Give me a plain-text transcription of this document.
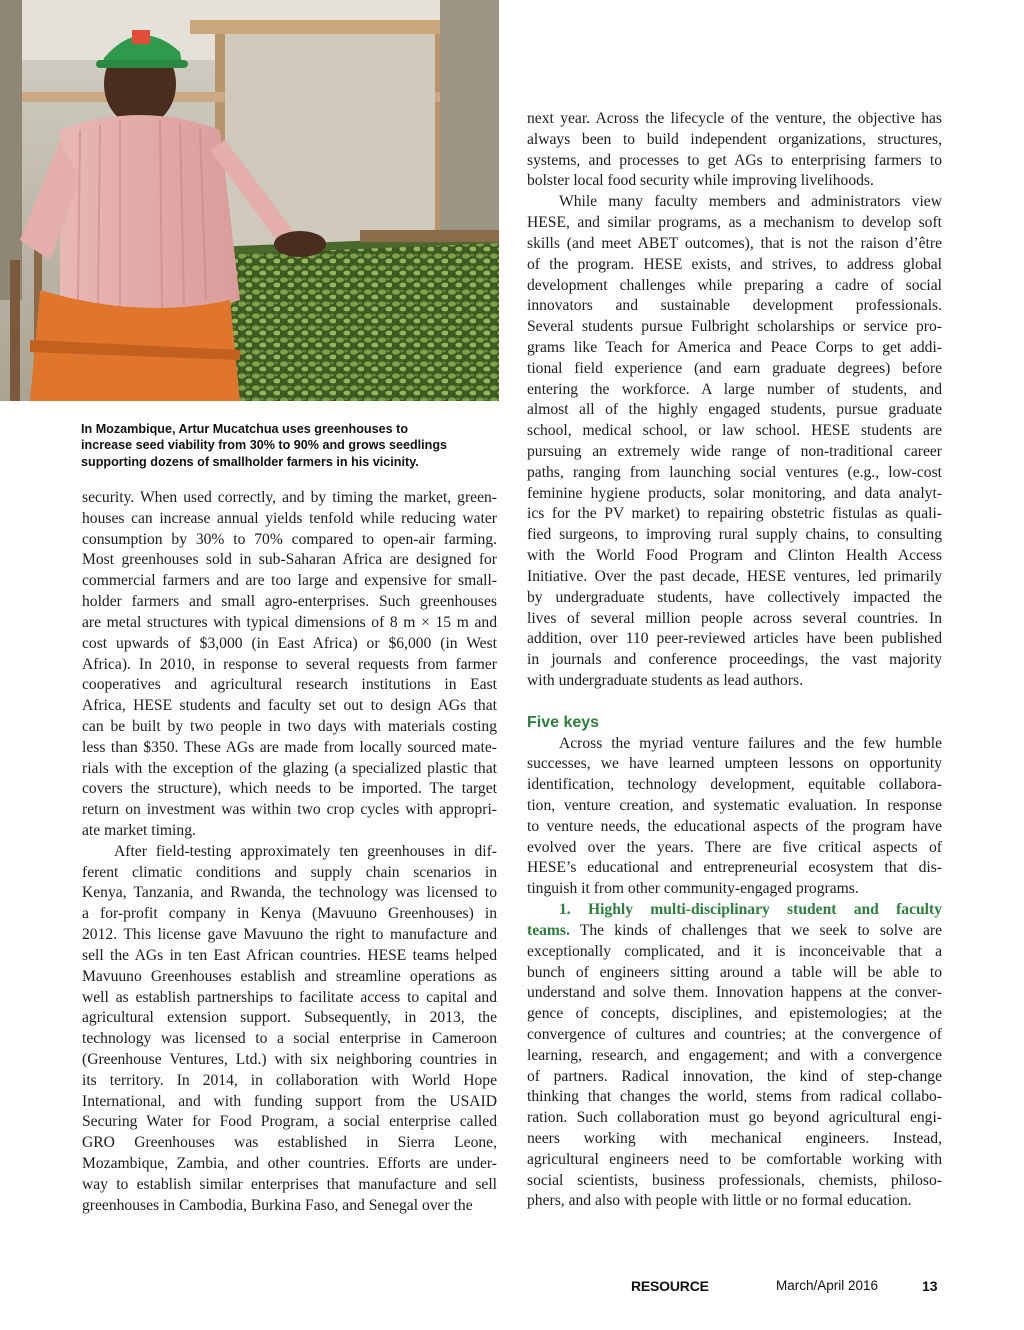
In Mozambique, Artur Mucatchua uses greenhouses to
increase seed viability from 30% to 90% and grows seedlings
supporting dozens of smallholder farmers in his vicinity.
security. When used correctly, and by timing the market, green-
houses can increase annual yields tenfold while reducing water
consumption by 30% to 70% compared to open-air farming.
Most greenhouses sold in sub-Saharan Africa are designed for
commercial farmers and are too large and expensive for small-
holder farmers and small agro-enterprises. Such greenhouses
are metal structures with typical dimensions of 8 m × 15 m and
cost upwards of $3,000 (in East Africa) or $6,000 (in West
Africa). In 2010, in response to several requests from farmer
cooperatives and agricultural research institutions in East
Africa, HESE students and faculty set out to design AGs that
can be built by two people in two days with materials costing
less than $350. These AGs are made from locally sourced mate-
rials with the exception of the glazing (a specialized plastic that
covers the structure), which needs to be imported. The target
return on investment was within two crop cycles with appropri-
ate market timing.
After field-testing approximately ten greenhouses in dif-
ferent climatic conditions and supply chain scenarios in
Kenya, Tanzania, and Rwanda, the technology was licensed to
a for-profit company in Kenya (Mavuuno Greenhouses) in
2012. This license gave Mavuuno the right to manufacture and
sell the AGs in ten East African countries. HESE teams helped
Mavuuno Greenhouses establish and streamline operations as
well as establish partnerships to facilitate access to capital and
agricultural extension support. Subsequently, in 2013, the
technology was licensed to a social enterprise in Cameroon
(Greenhouse Ventures, Ltd.) with six neighboring countries in
its territory. In 2014, in collaboration with World Hope
International, and with funding support from the USAID
Securing Water for Food Program, a social enterprise called
GRO Greenhouses was established in Sierra Leone,
Mozambique, Zambia, and other countries. Efforts are under-
way to establish similar enterprises that manufacture and sell
greenhouses in Cambodia, Burkina Faso, and Senegal over the
next year. Across the lifecycle of the venture, the objective has
always been to build independent organizations, structures,
systems, and processes to get AGs to enterprising farmers to
bolster local food security while improving livelihoods.
While many faculty members and administrators view
HESE, and similar programs, as a mechanism to develop soft
skills (and meet ABET outcomes), that is not the raison d’être
of the program. HESE exists, and strives, to address global
development challenges while preparing a cadre of social
innovators and sustainable development professionals.
Several students pursue Fulbright scholarships or service pro-
grams like Teach for America and Peace Corps to get addi-
tional field experience (and earn graduate degrees) before
entering the workforce. A large number of students, and
almost all of the highly engaged students, pursue graduate
school, medical school, or law school. HESE students are
pursuing an extremely wide range of non-traditional career
paths, ranging from launching social ventures (e.g., low-cost
feminine hygiene products, solar monitoring, and data analyt-
ics for the PV market) to repairing obstetric fistulas as quali-
fied surgeons, to improving rural supply chains, to consulting
with the World Food Program and Clinton Health Access
Initiative. Over the past decade, HESE ventures, led primarily
by undergraduate students, have collectively impacted the
lives of several million people across several countries. In
addition, over 110 peer-reviewed articles have been published
in journals and conference proceedings, the vast majority
with undergraduate students as lead authors.
Five keys
Across the myriad venture failures and the few humble
successes, we have learned umpteen lessons on opportunity
identification, technology development, equitable collabora-
tion, venture creation, and systematic evaluation. In response
to venture needs, the educational aspects of the program have
evolved over the years. There are five critical aspects of
HESE’s educational and entrepreneurial ecosystem that dis-
tinguish it from other community-engaged programs.
1. Highly multi-disciplinary student and faculty
teams. The kinds of challenges that we seek to solve are
exceptionally complicated, and it is inconceivable that a
bunch of engineers sitting around a table will be able to
understand and solve them. Innovation happens at the conver-
gence of concepts, disciplines, and epistemologies; at the
convergence of cultures and countries; at the convergence of
learning, research, and engagement; and with a convergence
of partners. Radical innovation, the kind of step-change
thinking that changes the world, stems from radical collabo-
ration. Such collaboration must go beyond agricultural engi-
neers working with mechanical engineers. Instead,
agricultural engineers need to be comfortable working with
social scientists, business professionals, chemists, philoso-
phers, and also with people with little or no formal education.
RESOURCE	March/April 2016	13
